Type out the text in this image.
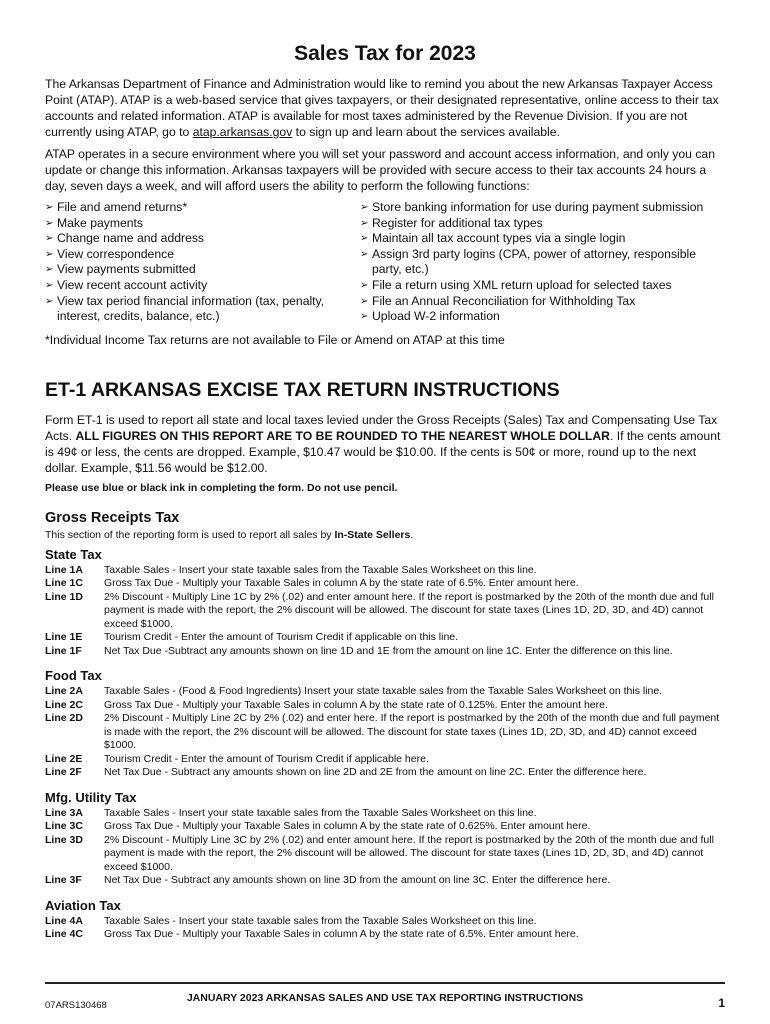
Sales Tax for 2023

The Arkansas Department of Finance and Administration would like to remind you about the new Arkansas Taxpayer Access Point (ATAP). ATAP is a web-based service that gives taxpayers, or their designated representative, online access to their tax accounts and related information. ATAP is available for most taxes administered by the Revenue Division. If you are not currently using ATAP, go to atap.arkansas.gov to sign up and learn about the services available.

ATAP operates in a secure environment where you will set your password and account access information, and only you can update or change this information. Arkansas taxpayers will be provided with secure access to their tax accounts 24 hours a day, seven days a week, and will afford users the ability to perform the following functions:

➢ File and amend returns*
➢ Make payments
➢ Change name and address
➢ View correspondence
➢ View payments submitted
➢ View recent account activity
➢ View tax period financial information (tax, penalty, interest, credits, balance, etc.)
➢ Store banking information for use during payment submission
➢ Register for additional tax types
➢ Maintain all tax account types via a single login
➢ Assign 3rd party logins (CPA, power of attorney, responsible party, etc.)
➢ File a return using XML return upload for selected taxes
➢ File an Annual Reconciliation for Withholding Tax
➢ Upload W-2 information

*Individual Income Tax returns are not available to File or Amend on ATAP at this time

ET-1 ARKANSAS EXCISE TAX RETURN INSTRUCTIONS

Form ET-1 is used to report all state and local taxes levied under the Gross Receipts (Sales) Tax and Compensating Use Tax Acts. ALL FIGURES ON THIS REPORT ARE TO BE ROUNDED TO THE NEAREST WHOLE DOLLAR. If the cents amount is 49¢ or less, the cents are dropped. Example, $10.47 would be $10.00. If the cents is 50¢ or more, round up to the next dollar. Example, $11.56 would be $12.00.

Please use blue or black ink in completing the form. Do not use pencil.

Gross Receipts Tax

This section of the reporting form is used to report all sales by In-State Sellers.

State Tax
Line 1A	Taxable Sales - Insert your state taxable sales from the Taxable Sales Worksheet on this line.
Line 1C	Gross Tax Due - Multiply your Taxable Sales in column A by the state rate of 6.5%. Enter amount here.
Line 1D	2% Discount - Multiply Line 1C by 2% (.02) and enter amount here. If the report is postmarked by the 20th of the month due and full payment is made with the report, the 2% discount will be allowed. The discount for state taxes (Lines 1D, 2D, 3D, and 4D) cannot exceed $1000.
Line 1E	Tourism Credit - Enter the amount of Tourism Credit if applicable on this line.
Line 1F	Net Tax Due -Subtract any amounts shown on line 1D and 1E from the amount on line 1C. Enter the difference on this line.
Food Tax
Line 2A	Taxable Sales - (Food & Food Ingredients) Insert your state taxable sales from the Taxable Sales Worksheet on this line.
Line 2C	Gross Tax Due - Multiply your Taxable Sales in column A by the state rate of 0.125%. Enter the amount here.
Line 2D	2% Discount - Multiply Line 2C by 2% (.02) and enter here. If the report is postmarked by the 20th of the month due and full payment is made with the report, the 2% discount will be allowed. The discount for state taxes (Lines 1D, 2D, 3D, and 4D) cannot exceed $1000.
Line 2E	Tourism Credit - Enter the amount of Tourism Credit if applicable here.
Line 2F	Net Tax Due - Subtract any amounts shown on line 2D and 2E from the amount on line 2C. Enter the difference here.
Mfg. Utility Tax
Line 3A	Taxable Sales - Insert your state taxable sales from the Taxable Sales Worksheet on this line.
Line 3C	Gross Tax Due - Multiply your Taxable Sales in column A by the state rate of 0.625%. Enter amount here.
Line 3D	2% Discount - Multiply Line 3C by 2% (.02) and enter amount here. If the report is postmarked by the 20th of the month due and full payment is made with the report, the 2% discount will be allowed. The discount for state taxes (Lines 1D, 2D, 3D, and 4D) cannot exceed $1000.
Line 3F	Net Tax Due - Subtract any amounts shown on line 3D from the amount on line 3C. Enter the difference here.
Aviation Tax
Line 4A	Taxable Sales - Insert your state taxable sales from the Taxable Sales Worksheet on this line.
Line 4C	Gross Tax Due - Multiply your Taxable Sales in column A by the state rate of 6.5%. Enter amount here.
07ARS130468
JANUARY 2023 ARKANSAS SALES AND USE TAX REPORTING INSTRUCTIONS	1
